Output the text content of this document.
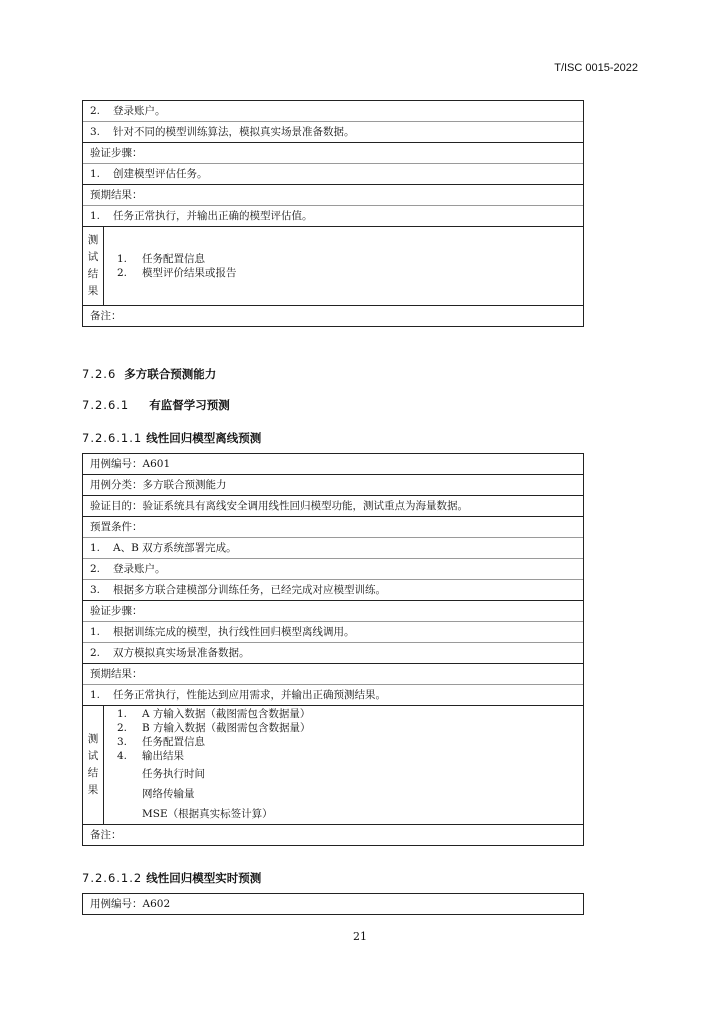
T/ISC 0015-2022
2. 登录账户。
3. 针对不同的模型训练算法，模拟真实场景准备数据。
验证步骤：
1. 创建模型评估任务。
预期结果：
1. 任务正常执行，并输出正确的模型评估值。
测
试
结
果
1. 任务配置信息
2. 模型评价结果或报告
备注：
7.2.6 多方联合预测能力
7.2.6.1 有监督学习预测
7.2.6.1.1 线性回归模型离线预测
用例编号：A601
用例分类：多方联合预测能力
验证目的：验证系统具有离线安全调用线性回归模型功能，测试重点为海量数据。
预置条件：
1. A、B 双方系统部署完成。
2. 登录账户。
3. 根据多方联合建模部分训练任务，已经完成对应模型训练。
验证步骤：
1. 根据训练完成的模型，执行线性回归模型离线调用。
2. 双方模拟真实场景准备数据。
预期结果：
1. 任务正常执行，性能达到应用需求，并输出正确预测结果。
测
试
结
果
1. A 方输入数据（截图需包含数据量）
2. B 方输入数据（截图需包含数据量）
3. 任务配置信息
4. 输出结果
任务执行时间
网络传输量
MSE（根据真实标签计算）
备注：
7.2.6.1.2 线性回归模型实时预测
用例编号：A602
21
